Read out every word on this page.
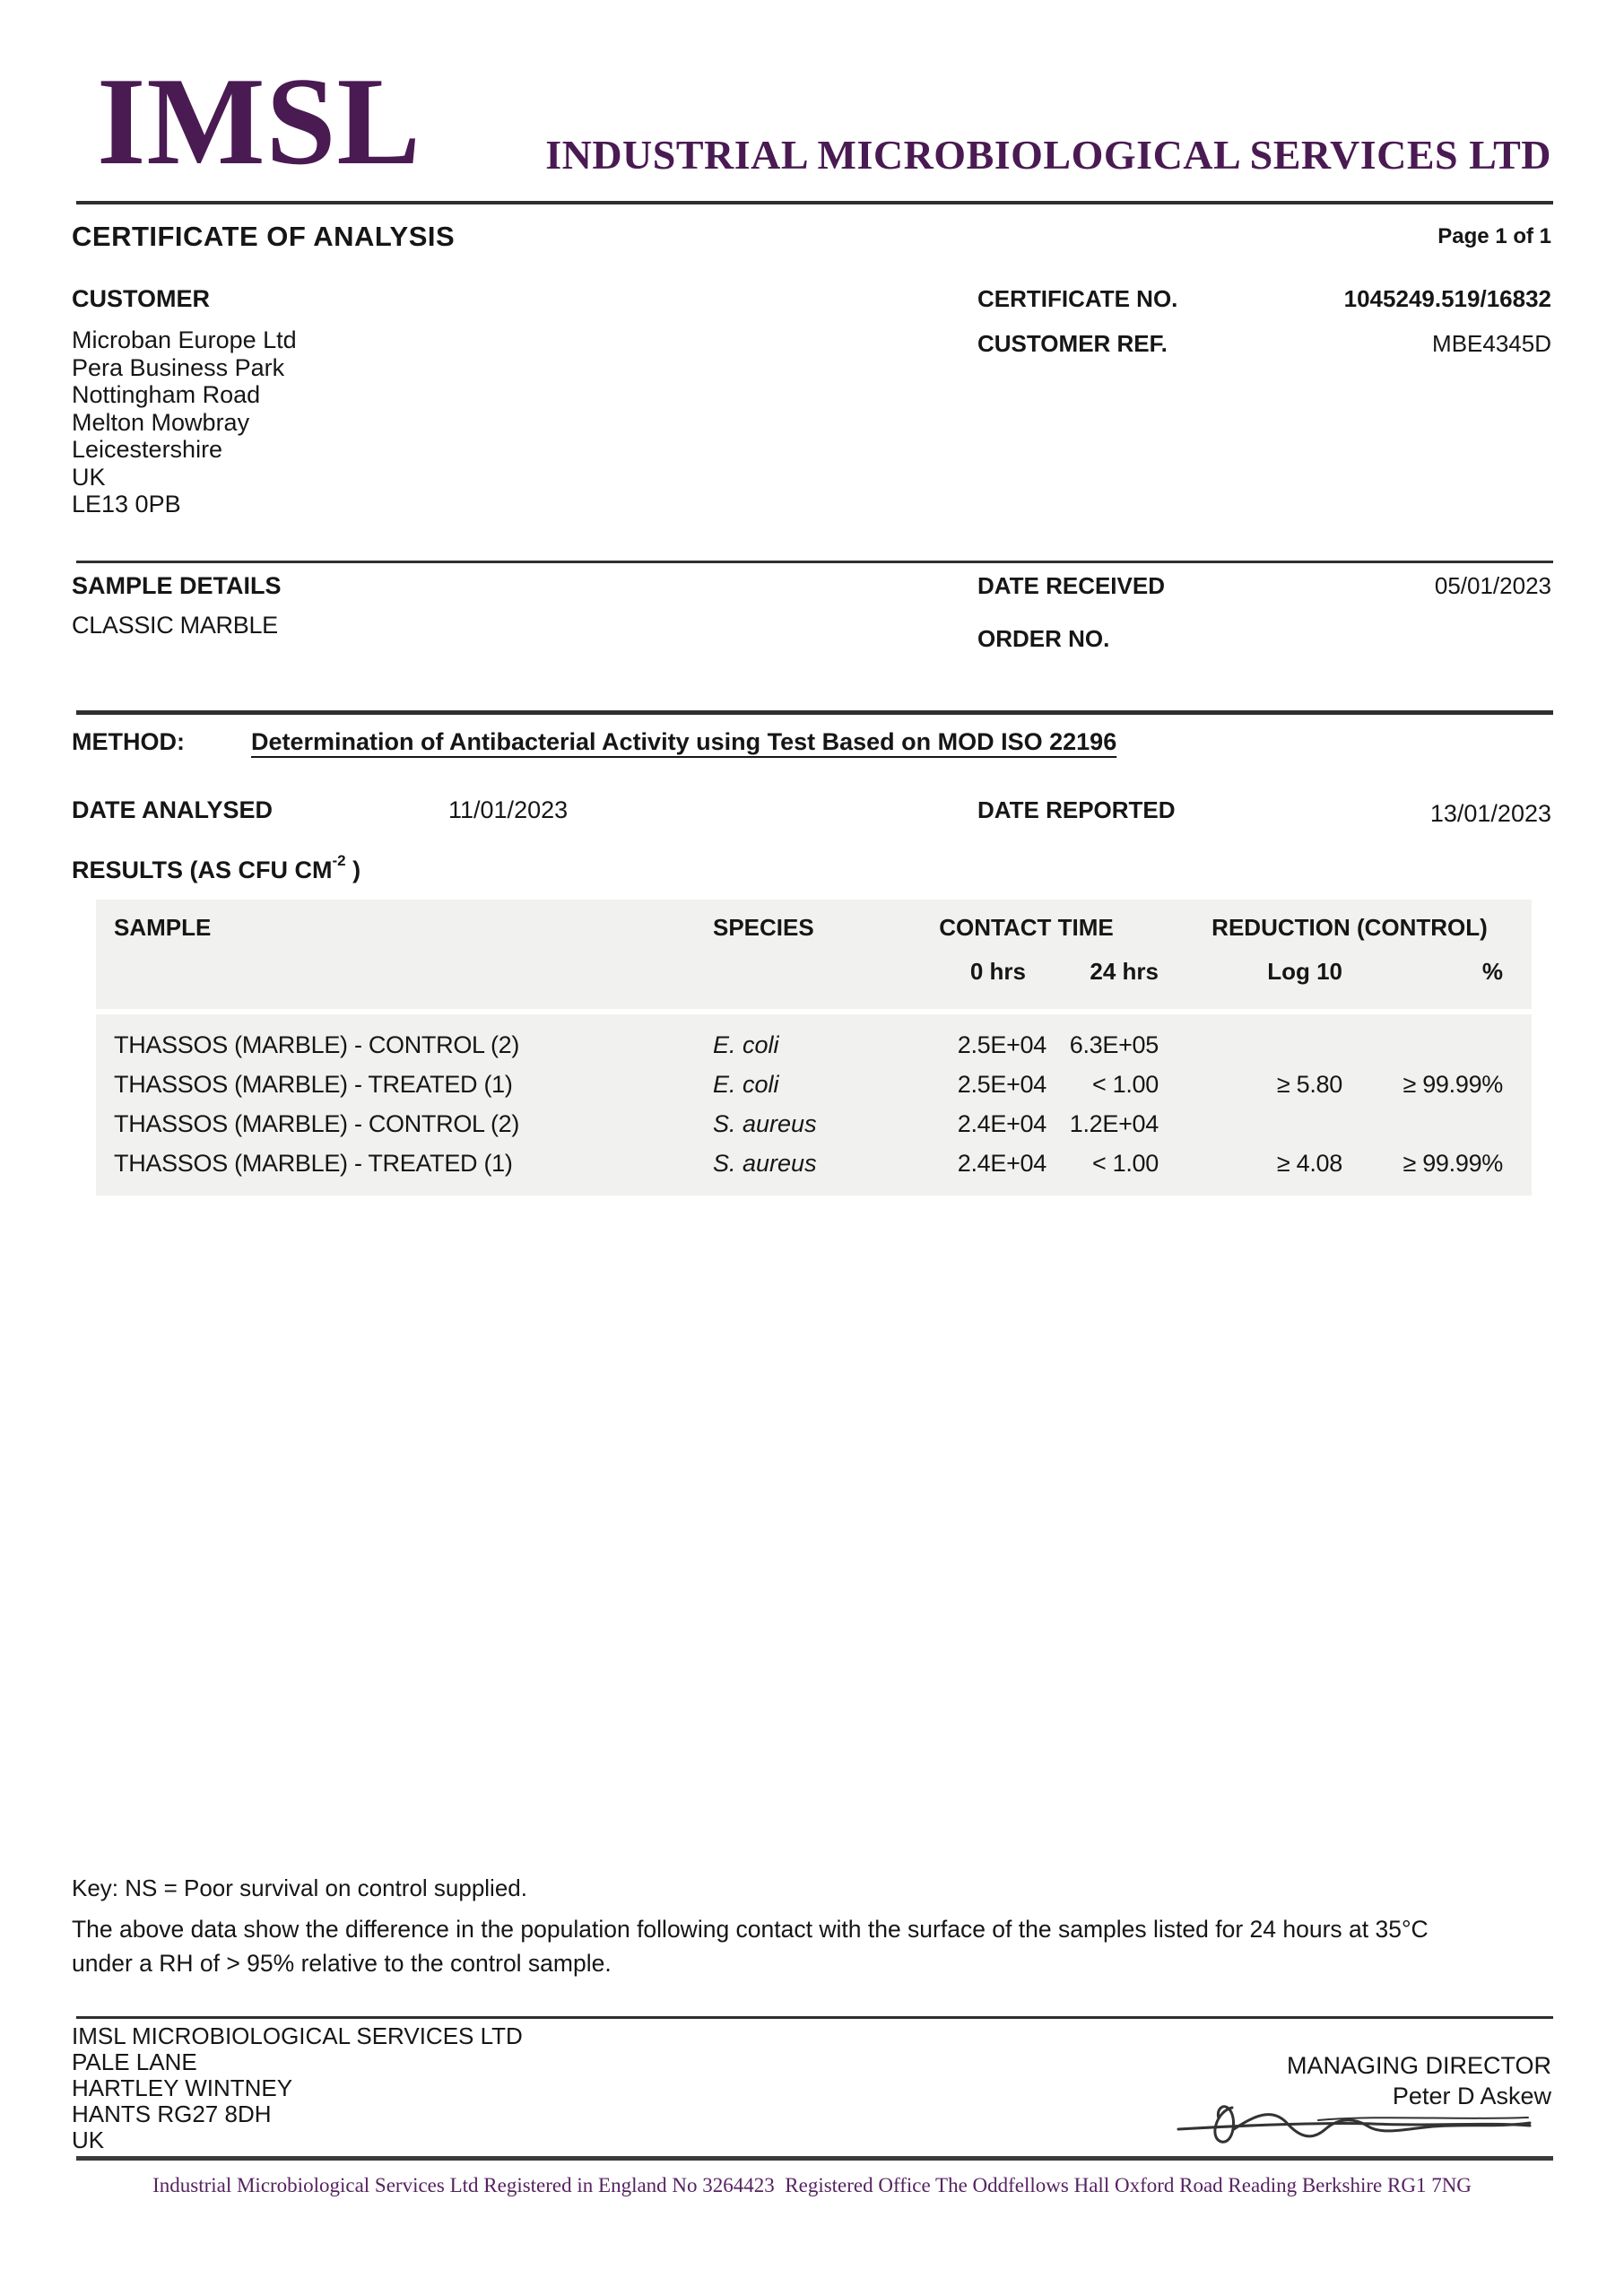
IMSL	INDUSTRIAL MICROBIOLOGICAL SERVICES LTD
CERTIFICATE OF ANALYSIS	Page 1 of 1
CUSTOMER
Microban Europe Ltd
Pera Business Park
Nottingham Road
Melton Mowbray
Leicestershire
UK
LE13 0PB
CERTIFICATE NO.	1045249.519/16832
CUSTOMER REF.	MBE4345D
SAMPLE DETAILS	DATE RECEIVED	05/01/2023
CLASSIC MARBLE	ORDER NO.
METHOD:	Determination of Antibacterial Activity using Test Based on MOD ISO 22196
DATE ANALYSED	11/01/2023	DATE REPORTED	13/01/2023
RESULTS (AS CFU $CM^{-2}$ )
SAMPLE	SPECIES	CONTACT TIME	REDUCTION (CONTROL)
0 hrs	24 hrs	Log 10	%
THASSOS (MARBLE) - CONTROL (2)	E. coli	2.5E+04 6.3E+05
THASSOS (MARBLE) - TREATED (1)	E. coli	2.5E+04	< 1.00	≥ 5.80	≥ 99.99%
THASSOS (MARBLE) - CONTROL (2)	S. aureus	2.4E+04 1.2E+04
THASSOS (MARBLE) - TREATED (1)	S. aureus	2.4E+04	< 1.00	≥ 4.08	≥ 99.99%
Key: NS = Poor survival on control supplied.
The above data show the difference in the population following contact with the surface of the samples listed for 24 hours at 35°C
under a RH of > 95% relative to the control sample.
IMSL MICROBIOLOGICAL SERVICES LTD
PALE LANE
HARTLEY WINTNEY
HANTS RG27 8DH
UK
MANAGING DIRECTOR
Peter D Askew
Industrial Microbiological Services Ltd Registered in England No 3264423  Registered Office The Oddfellows Hall Oxford Road Reading Berkshire RG1 7NG
